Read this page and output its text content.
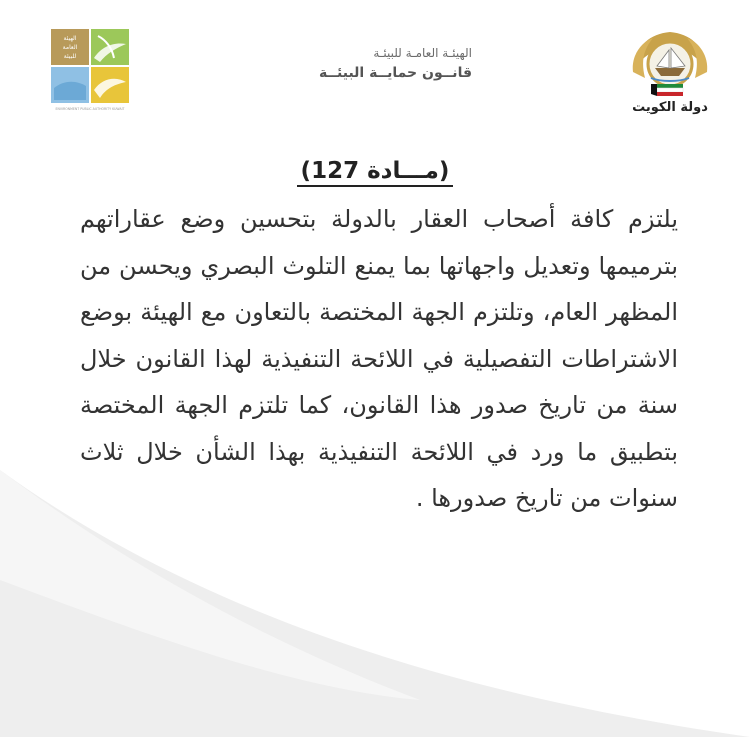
الهيئة
العامة
للبيئة
ENVIRONMENT PUBLIC AUTHORITY KUWAIT
الهيئـة العامـة للبيئـة
قانــون حمايــة البيئــة
دولة الكويت
(مـــادة 127)

يلتزم كافة أصحاب العقار بالدولة بتحسين وضع عقاراتهم بترميمها وتعديل واجهاتها بما يمنع التلوث البصري ويحسن من المظهر العام، وتلتزم الجهة المختصة بالتعاون مع الهيئة بوضع الاشتراطات التفصيلية في اللائحة التنفيذية لهذا القانون خلال سنة من تاريخ صدور هذا القانون، كما تلتزم الجهة المختصة بتطبيق ما ورد في اللائحة التنفيذية بهذا الشأن خلال ثلاث سنوات من تاريخ صدورها .
